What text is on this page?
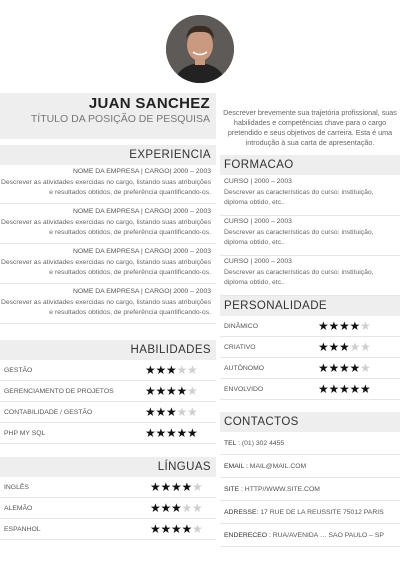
JUAN SANCHEZ
TÍTULO DA POSIÇÃO DE PESQUISA
Descrever brevemente sua trajetória profissional, suas habilidades e competências chave para o cargo pretendido e seus objetivos de carreira. Esta é uma introdução à sua carta de apresentação.
EXPERIENCIA
NOME DA EMPRESA | CARGO| 2000 – 2003
Descrever as atividades exercidas no cargo, listando suas atribuições e resultados obtidos, de preferência quantificando-os.
NOME DA EMPRESA | CARGO| 2000 – 2003
Descrever as atividades exercidas no cargo, listando suas atribuições e resultados obtidos, de preferência quantificando-os.
NOME DA EMPRESA | CARGO| 2000 – 2003
Descrever as atividades exercidas no cargo, listando suas atribuições e resultados obtidos, de preferência quantificando-os.
NOME DA EMPRESA | CARGO| 2000 – 2003
Descrever as atividades exercidas no cargo, listando suas atribuições e resultados obtidos, de preferência quantificando-os.
FORMACAO
CURSO | 2000 – 2003
Descrever as características do curso: instituição, diploma obtido, etc..
CURSO | 2000 – 2003
Descrever as características do curso: instituição, diploma obtido, etc..
CURSO | 2000 – 2003
Descrever as características do curso: instituição, diploma obtido, etc..
HABILIDADES
GESTÃO	★★★★★
GERENCIAMENTO DE PROJETOS	★★★★★
CONTABILIDADE / GESTÃO	★★★★★
PHP MY SQL	★★★★★
LÍNGUAS
INGLÊS	★★★★★
ALEMÃO	★★★★★
ESPANHOL	★★★★★
PERSONALIDADE
DINÂMICO	★★★★★
CRIATIVO	★★★★★
AUTÔNOMO	★★★★★
ENVOLVIDO	★★★★★
CONTACTOS
TEL : (01) 302 4455
EMAIL : MAIL@MAIL.COM
SITE : HTTP//WWW.SITE.COM
ADRESSE: 17 RUE DE LA REUSSITE 75012 PARIS
ENDERECEO : RUA/AVENIDA … SAO PAULO – SP
